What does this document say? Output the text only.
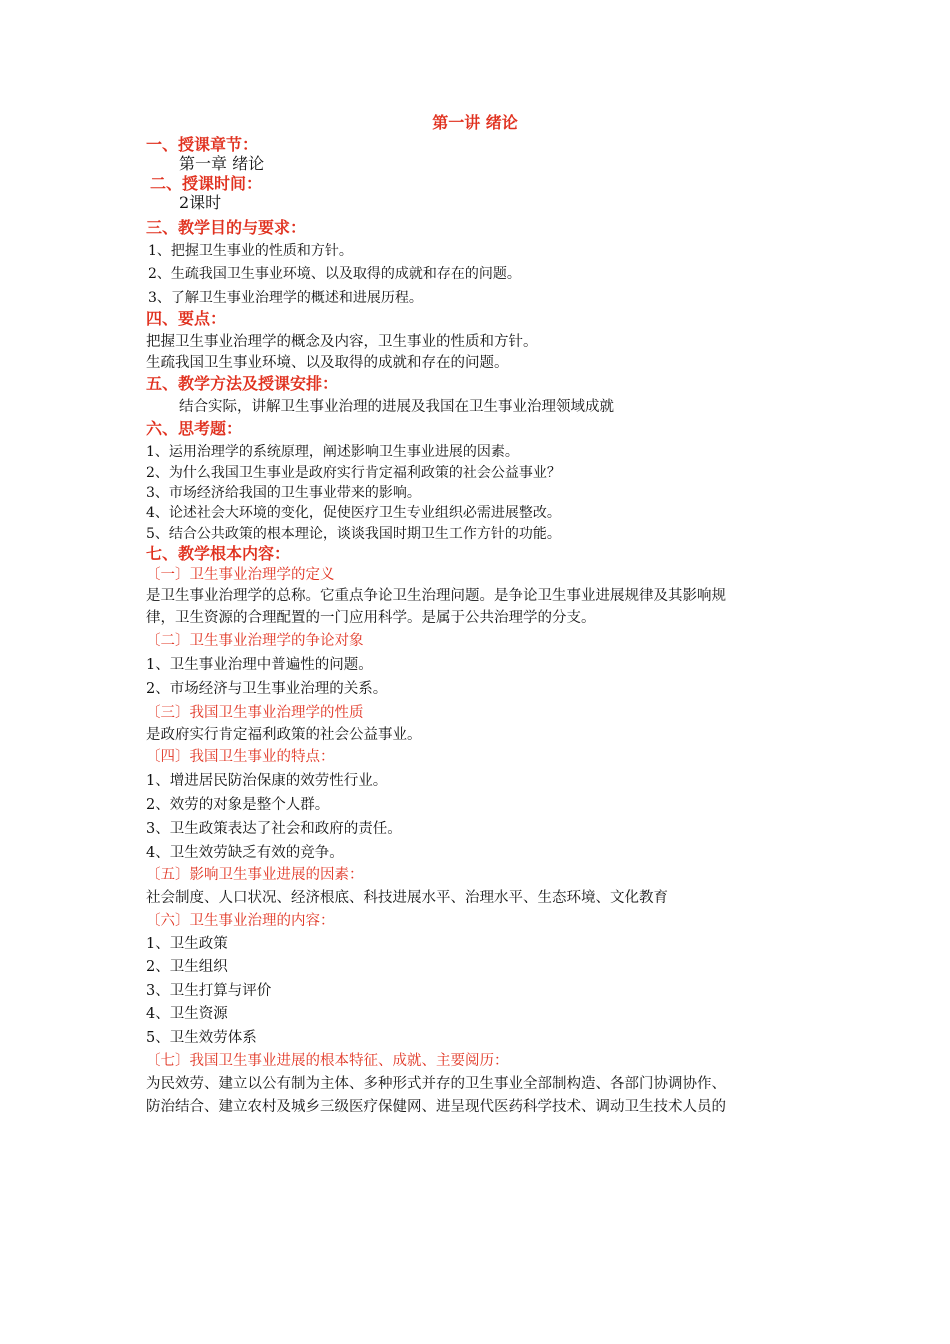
第一讲 绪论
一、授课章节：
第一章 绪论
二、授课时间：
2课时
三、教学目的与要求：
1、把握卫生事业的性质和方针。
2、生疏我国卫生事业环境、以及取得的成就和存在的问题。
3、了解卫生事业治理学的概述和进展历程。
四、要点：
把握卫生事业治理学的概念及内容，卫生事业的性质和方针。
生疏我国卫生事业环境、以及取得的成就和存在的问题。
五、教学方法及授课安排：
结合实际，讲解卫生事业治理的进展及我国在卫生事业治理领域成就
六、思考题：
1、运用治理学的系统原理，阐述影响卫生事业进展的因素。
2、为什么我国卫生事业是政府实行肯定福利政策的社会公益事业？
3、市场经济给我国的卫生事业带来的影响。
4、论述社会大环境的变化，促使医疗卫生专业组织必需进展整改。
5、结合公共政策的根本理论，谈谈我国时期卫生工作方针的功能。
七、教学根本内容：
〔一〕卫生事业治理学的定义
是卫生事业治理学的总称。它重点争论卫生治理问题。是争论卫生事业进展规律及其影响规
律，卫生资源的合理配置的一门应用科学。是属于公共治理学的分支。
〔二〕卫生事业治理学的争论对象
1、卫生事业治理中普遍性的问题。
2、市场经济与卫生事业治理的关系。
〔三〕我国卫生事业治理学的性质
是政府实行肯定福利政策的社会公益事业。
〔四〕我国卫生事业的特点：
1、增进居民防治保康的效劳性行业。
2、效劳的对象是整个人群。
3、卫生政策表达了社会和政府的责任。
4、卫生效劳缺乏有效的竞争。
〔五〕影响卫生事业进展的因素：
社会制度、人口状况、经济根底、科技进展水平、治理水平、生态环境、文化教育
〔六〕卫生事业治理的内容：
1、卫生政策
2、卫生组织
3、卫生打算与评价
4、卫生资源
5、卫生效劳体系
〔七〕我国卫生事业进展的根本特征、成就、主要阅历：
为民效劳、建立以公有制为主体、多种形式并存的卫生事业全部制构造、各部门协调协作、
防治结合、建立农村及城乡三级医疗保健网、进呈现代医药科学技术、调动卫生技术人员的
